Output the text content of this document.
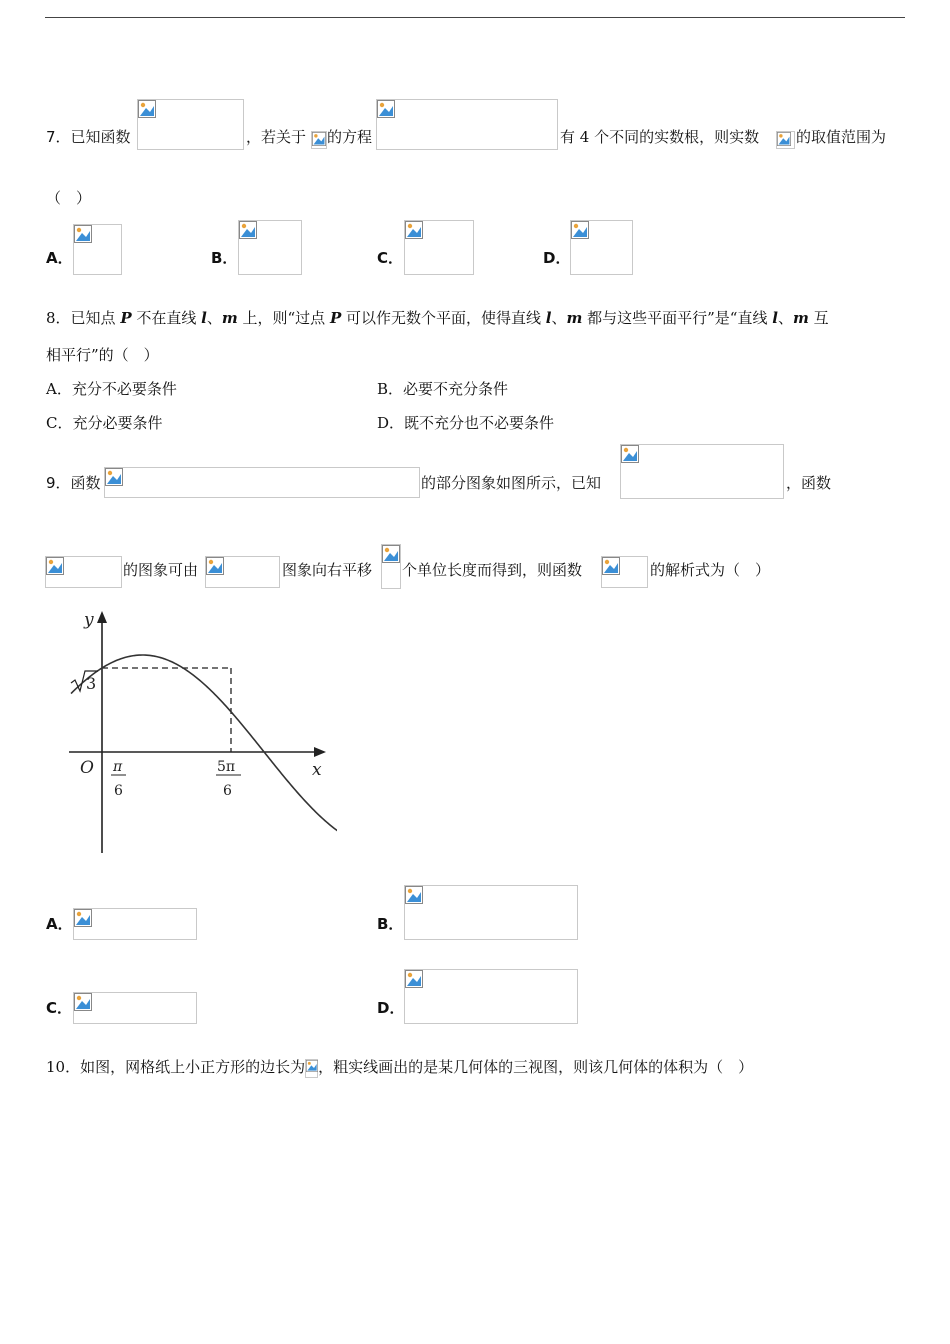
7．已知函数	，若关于 的方程	有 4 个不同的实数根，则实数 的取值范围为
（　）
A．	B．	C．	D．
8．已知点 P 不在直线 l、m 上，则“过点 P 可以作无数个平面，使得直线 l、m 都与这些平面平行”是“直线 l、m 互
相平行”的（　）
A．充分不必要条件	B．必要不充分条件
C．充分必要条件	D．既不充分也不必要条件
9．函数	的部分图象如图所示，已知	，函数
的图象可由	图象向右平移 个单位长度而得到，则函数	的解析式为（　）
y
x
O
3
π
6
5π
6
A．	B．
C．	D．
10．如图，网格纸上小正方形的边长为 ，粗实线画出的是某几何体的三视图，则该几何体的体积为（　）
